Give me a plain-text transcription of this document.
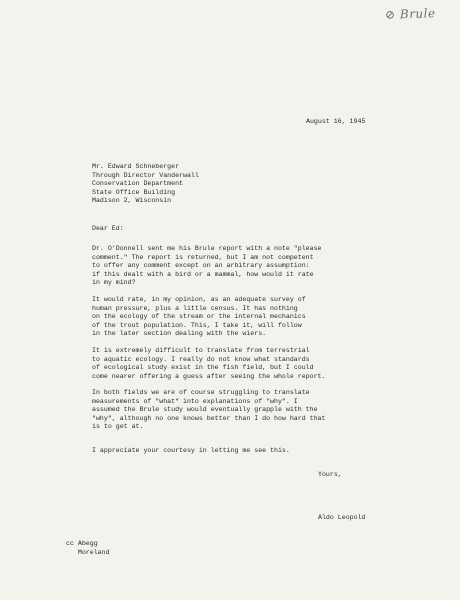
⊘ Brule
August 16, 1945
Mr. Edward Schneberger
Through Director Vanderwall
Conservation Department
State Office Building
Madison 2, Wisconsin
Dear Ed:
Dr. O'Donnell sent me his Brule report with a note "please
comment." The report is returned, but I am not competent
to offer any comment except on an arbitrary assumption:
if this dealt with a bird or a mammal, how would it rate
in my mind?
It would rate, in my opinion, as an adequate survey of
human pressure, plus a little census. It has nothing
on the ecology of the stream or the internal mechanics
of the trout population. This, I take it, will follow
in the later section dealing with the wiers.
It is extremely difficult to translate from terrestrial
to aquatic ecology. I really do not know what standards
of ecological study exist in the fish field, but I could
come nearer offering a guess after seeing the whole report.
In both fields we are of course struggling to translate
measurements of "what" into explanations of "why". I
assumed the Brule study would eventually grapple with the
"why", although no one knows better than I do how hard that
is to get at.
I appreciate your courtesy in letting me see this.
Yours,
Aldo Leopold
cc Abegg
Moreland
